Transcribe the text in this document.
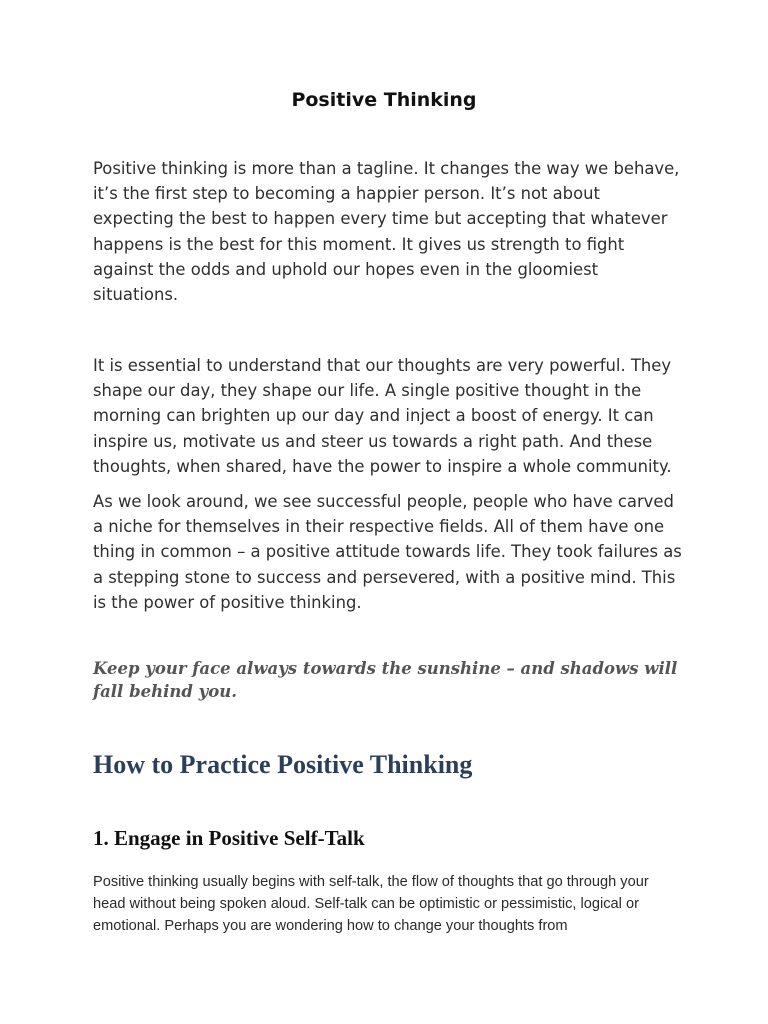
Positive Thinking

Positive thinking is more than a tagline. It changes the way we behave, it’s the first step to becoming a happier person. It’s not about expecting the best to happen every time but accepting that whatever happens is the best for this moment. It gives us strength to fight against the odds and uphold our hopes even in the gloomiest situations.

It is essential to understand that our thoughts are very powerful. They shape our day, they shape our life. A single positive thought in the morning can brighten up our day and inject a boost of energy. It can inspire us, motivate us and steer us towards a right path. And these thoughts, when shared, have the power to inspire a whole community.

As we look around, we see successful people, people who have carved a niche for themselves in their respective fields. All of them have one thing in common – a positive attitude towards life. They took failures as a stepping stone to success and persevered, with a positive mind. This is the power of positive thinking.

Keep your face always towards the sunshine – and shadows will fall behind you.

How to Practice Positive Thinking
1. Engage in Positive Self-Talk

Positive thinking usually begins with self-talk, the flow of thoughts that go through your head without being spoken aloud. Self-talk can be optimistic or pessimistic, logical or emotional. Perhaps you are wondering how to change your thoughts from
